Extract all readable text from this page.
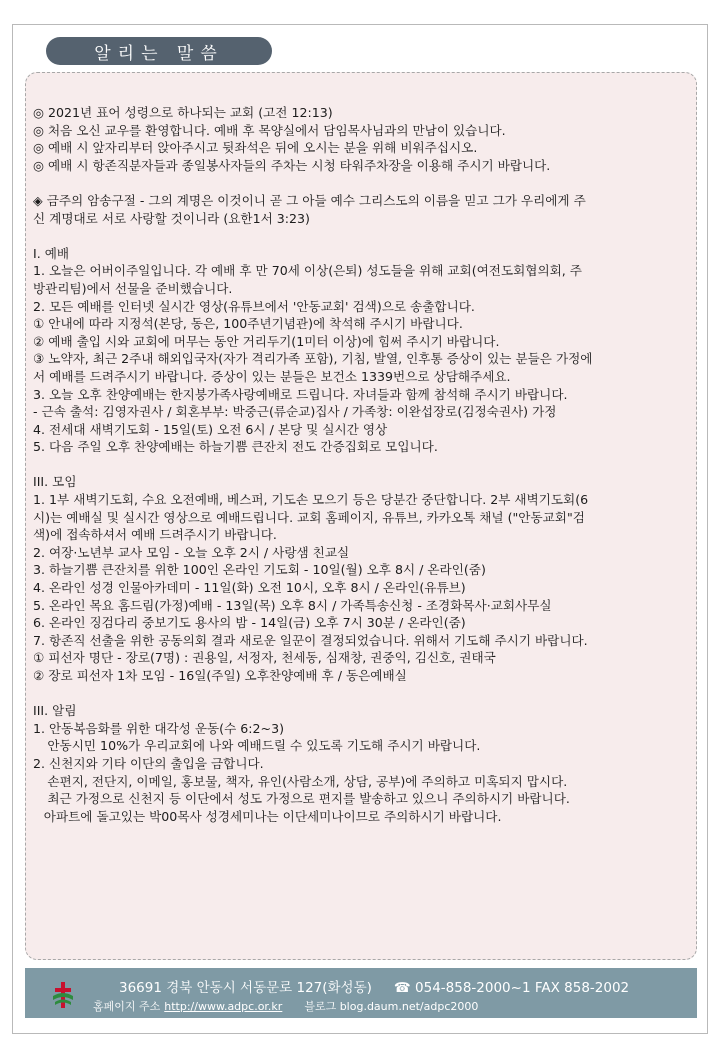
알리는 말씀

◎ 2021년 표어 성령으로 하나되는 교회 (고전 12:13)

◎ 처음 오신 교우를 환영합니다. 예배 후 목양실에서 담임목사님과의 만남이 있습니다.

◎ 예배 시 앞자리부터 앉아주시고 뒷좌석은 뒤에 오시는 분을 위해 비워주십시오.

◎ 예배 시 항존직분자들과 종일봉사자들의 주차는 시청 타워주차장을 이용해 주시기 바랍니다.

◈ 금주의 암송구절 - 그의 계명은 이것이니 곧 그 아들 예수 그리스도의 이름을 믿고 그가 우리에게 주

신 계명대로 서로 사랑할 것이니라 (요한1서 3:23)

I. 예배

1. 오늘은 어버이주일입니다. 각 예배 후 만 70세 이상(은퇴) 성도들을 위해 교회(여전도회협의회, 주

방관리팀)에서 선물을 준비했습니다.

2. 모든 예배를 인터넷 실시간 영상(유튜브에서 '안동교회' 검색)으로 송출합니다.

① 안내에 따라 지정석(본당, 동은, 100주년기념관)에 착석해 주시기 바랍니다.

② 예배 출입 시와 교회에 머무는 동안 거리두기(1미터 이상)에 힘써 주시기 바랍니다.

③ 노약자, 최근 2주내 해외입국자(자가 격리가족 포함), 기침, 발열, 인후통 증상이 있는 분들은 가정에

서 예배를 드려주시기 바랍니다. 증상이 있는 분들은 보건소 1339번으로 상담해주세요.

3. 오늘 오후 찬양예배는 한지붕가족사랑예배로 드립니다. 자녀들과 함께 참석해 주시기 바랍니다.

- 근속 출석: 김영자권사 / 회혼부부: 박중근(류순교)집사 / 가족창: 이완섭장로(김정숙권사) 가정

4. 전세대 새벽기도회 - 15일(토) 오전 6시 / 본당 및 실시간 영상

5. 다음 주일 오후 찬양예배는 하늘기쁨 큰잔치 전도 간증집회로 모입니다.

III. 모임

1. 1부 새벽기도회, 수요 오전예배, 베스퍼, 기도손 모으기 등은 당분간 중단합니다. 2부 새벽기도회(6

시)는 예배실 및 실시간 영상으로 예배드립니다. 교회 홈페이지, 유튜브, 카카오톡 채널 ("안동교회"검

색)에 접속하셔서 예배 드려주시기 바랍니다.

2. 여장·노년부 교사 모임 - 오늘 오후 2시 / 사랑샘 친교실

3. 하늘기쁨 큰잔치를 위한 100인 온라인 기도회 - 10일(월) 오후 8시 / 온라인(줌)

4. 온라인 성경 인물아카데미 - 11일(화) 오전 10시, 오후 8시 / 온라인(유튜브)

5. 온라인 목요 홈드림(가정)예배 - 13일(목) 오후 8시 / 가족특송신청 - 조경화목사·교회사무실

6. 온라인 징검다리 중보기도 용사의 밤 - 14일(금) 오후 7시 30분 / 온라인(줌)

7. 항존직 선출을 위한 공동의회 결과 새로운 일꾼이 결정되었습니다. 위해서 기도해 주시기 바랍니다.

① 피선자 명단 - 장로(7명) : 권용일, 서정자, 천세동, 심재창, 권중익, 김신호, 권태국

② 장로 피선자 1차 모임 - 16일(주일) 오후찬양예배 후 / 동은예배실

III. 알림

1. 안동복음화를 위한 대각성 운동(수 6:2~3)

안동시민 10%가 우리교회에 나와 예배드릴 수 있도록 기도해 주시기 바랍니다.

2. 신천지와 기타 이단의 출입을 금합니다.

손편지, 전단지, 이메일, 홍보물, 책자, 유인(사람소개, 상담, 공부)에 주의하고 미혹되지 맙시다.

최근 가정으로 신천지 등 이단에서 성도 가정으로 편지를 발송하고 있으니 주의하시기 바랍니다.

아파트에 돌고있는 박00목사 성경세미나는 이단세미나이므로 주의하시기 바랍니다.

36691 경북 안동시 서동문로 127(화성동) ☎ 054-858-2000~1 FAX 858-2002
홈페이지 주소 http://www.adpc.or.kr 블로그 blog.daum.net/adpc2000
